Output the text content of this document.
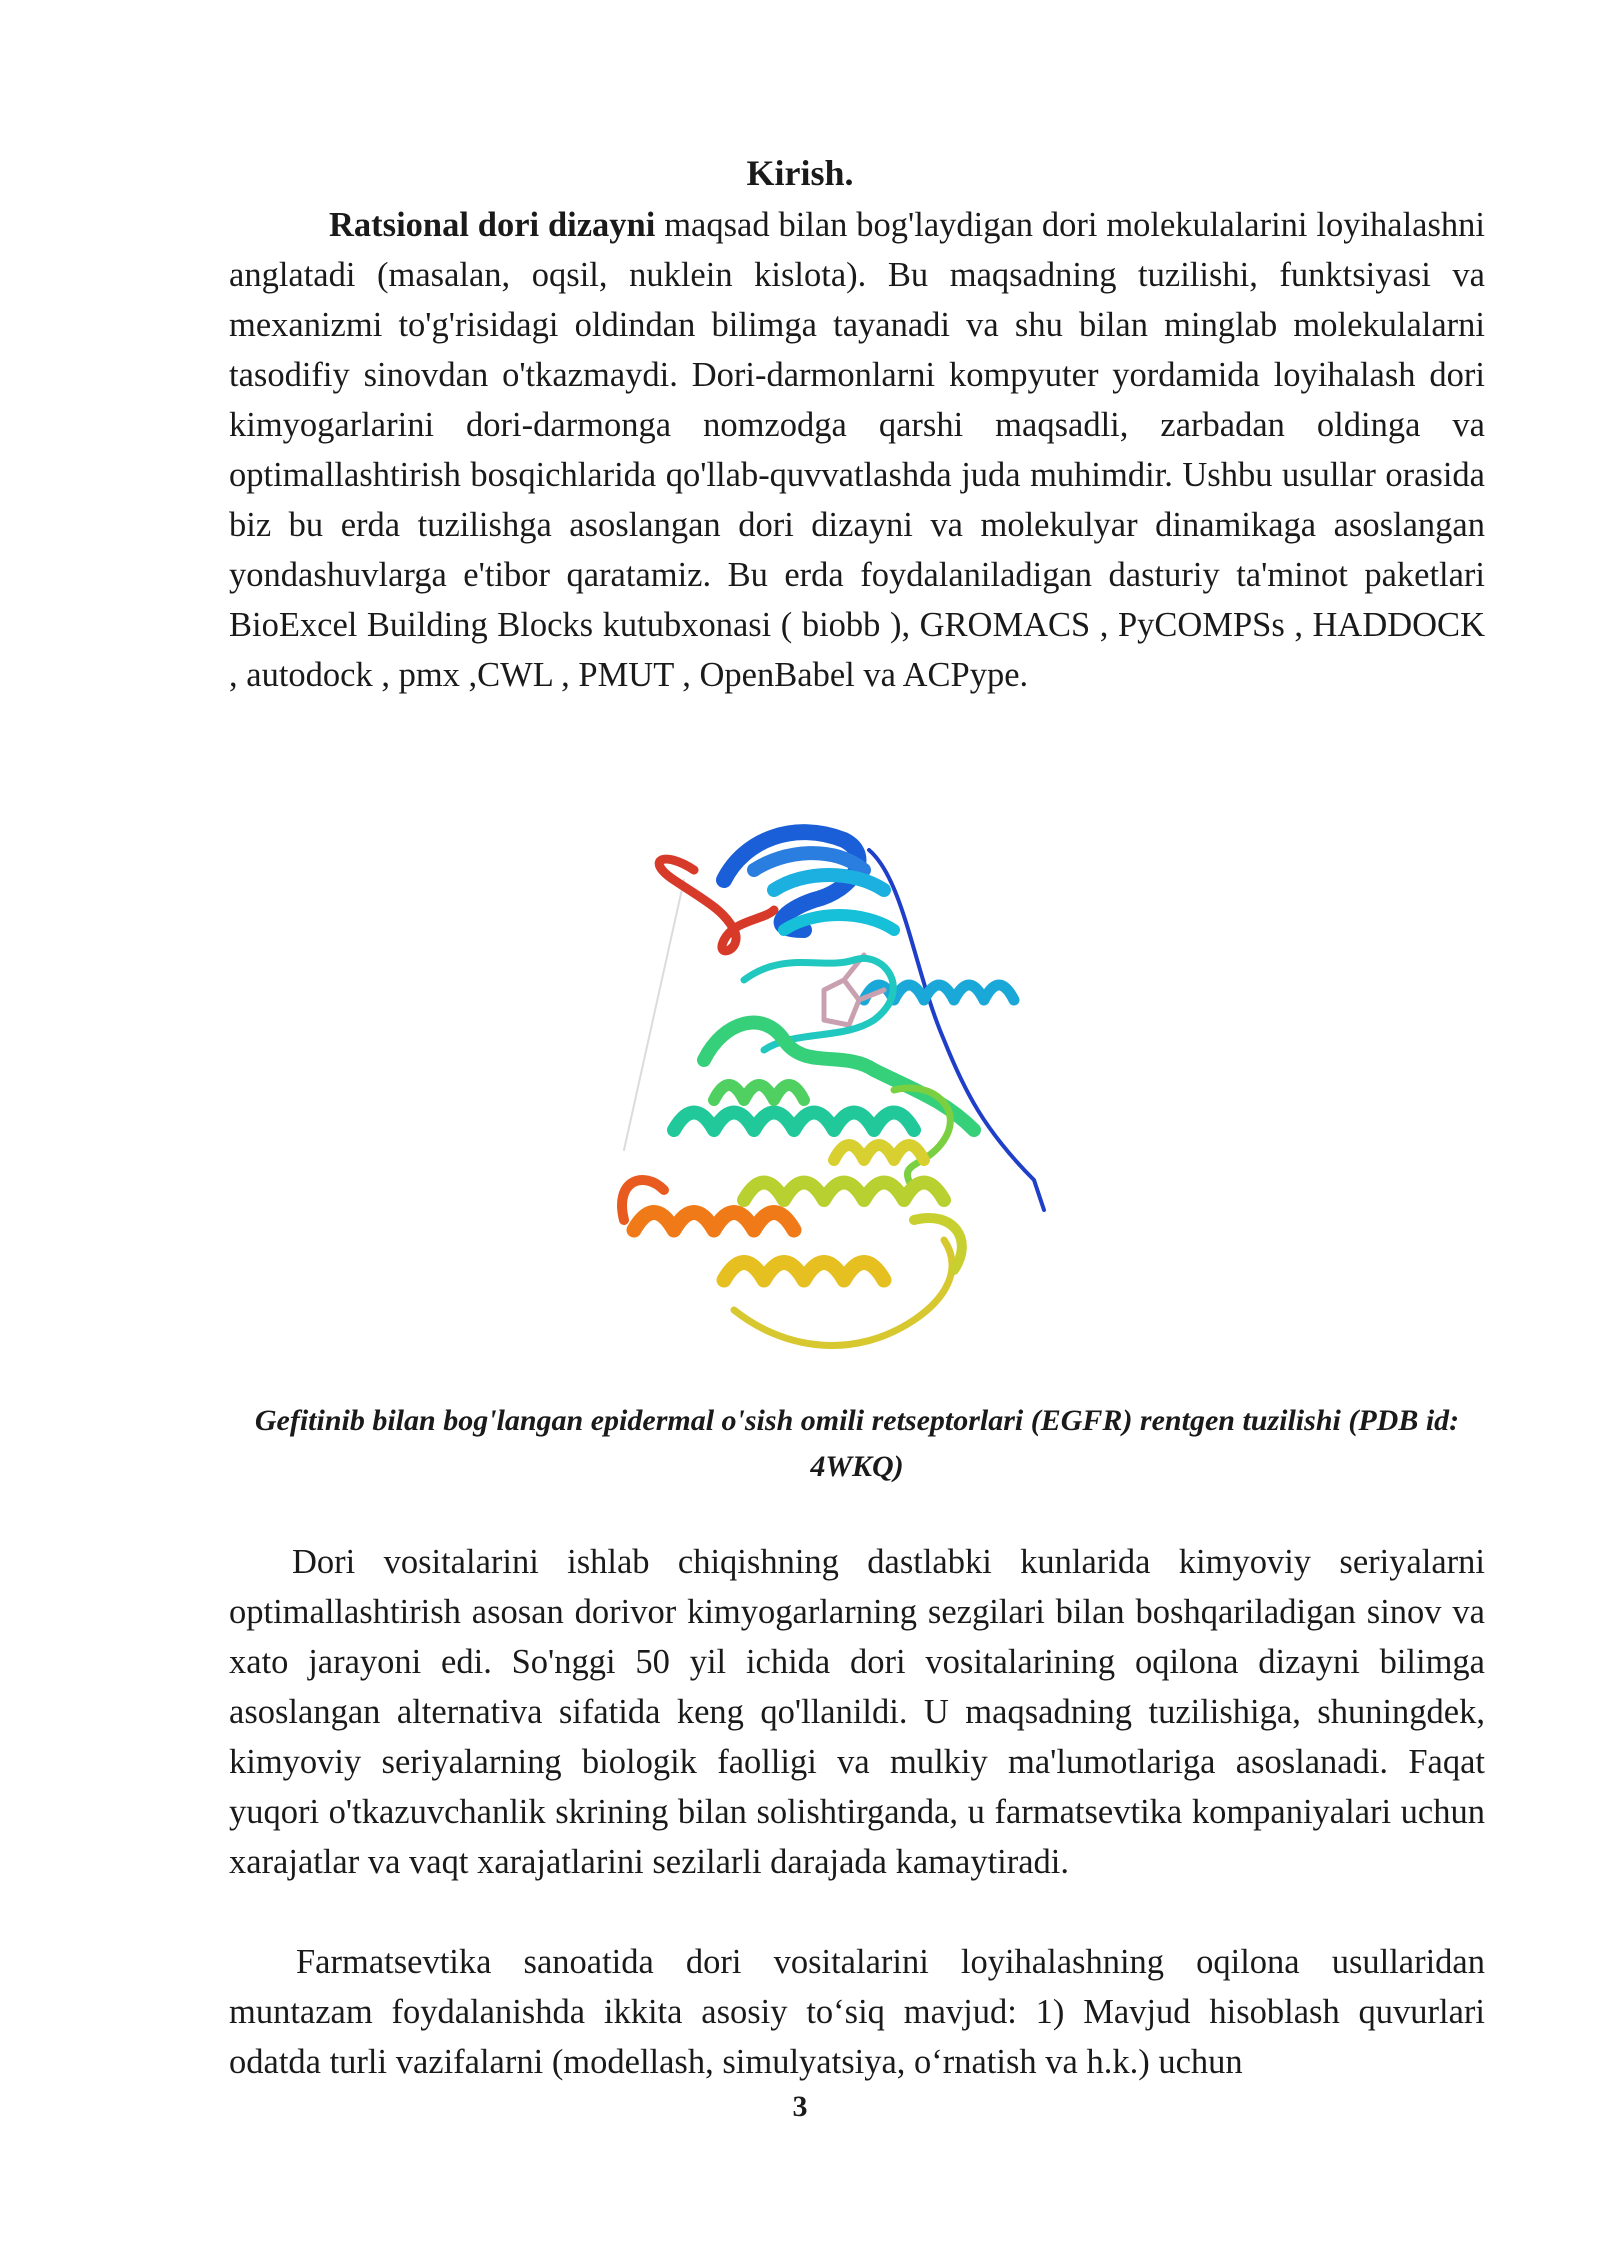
Kirish.

Ratsional dori dizayni maqsad bilan bog'laydigan dori molekulalarini loyihalashni anglatadi (masalan, oqsil, nuklein kislota). Bu maqsadning tuzilishi, funktsiyasi va mexanizmi to'g'risidagi oldindan bilimga tayanadi va shu bilan minglab molekulalarni tasodifiy sinovdan o'tkazmaydi. Dori-darmonlarni kompyuter yordamida loyihalash dori kimyogarlarini dori-darmonga nomzodga qarshi maqsadli, zarbadan oldinga va optimallashtirish bosqichlarida qo'llab-quvvatlashda juda muhimdir. Ushbu usullar orasida biz bu erda tuzilishga asoslangan dori dizayni va molekulyar dinamikaga asoslangan yondashuvlarga e'tibor qaratamiz. Bu erda foydalaniladigan dasturiy ta'minot paketlari BioExcel Building Blocks kutubxonasi ( biobb ), GROMACS , PyCOMPSs , HADDOCK , autodock , pmx ,CWL , PMUT , OpenBabel va ACPype.

Gefitinib bilan bog'langan epidermal o'sish omili retseptorlari (EGFR) rentgen tuzilishi (PDB id: 4WKQ)

Dori vositalarini ishlab chiqishning dastlabki kunlarida kimyoviy seriyalarni optimallashtirish asosan dorivor kimyogarlarning sezgilari bilan boshqariladigan sinov va xato jarayoni edi. So'nggi 50 yil ichida dori vositalarining oqilona dizayni bilimga asoslangan alternativa sifatida keng qo'llanildi. U maqsadning tuzilishiga, shuningdek, kimyoviy seriyalarning biologik faolligi va mulkiy ma'lumotlariga asoslanadi. Faqat yuqori o'tkazuvchanlik skrining bilan solishtirganda, u farmatsevtika kompaniyalari uchun xarajatlar va vaqt xarajatlarini sezilarli darajada kamaytiradi.

Farmatsevtika sanoatida dori vositalarini loyihalashning oqilona usullaridan muntazam foydalanishda ikkita asosiy to‘siq mavjud: 1) Mavjud hisoblash quvurlari odatda turli vazifalarni (modellash, simulyatsiya, o‘rnatish va h.k.) uchun

3
